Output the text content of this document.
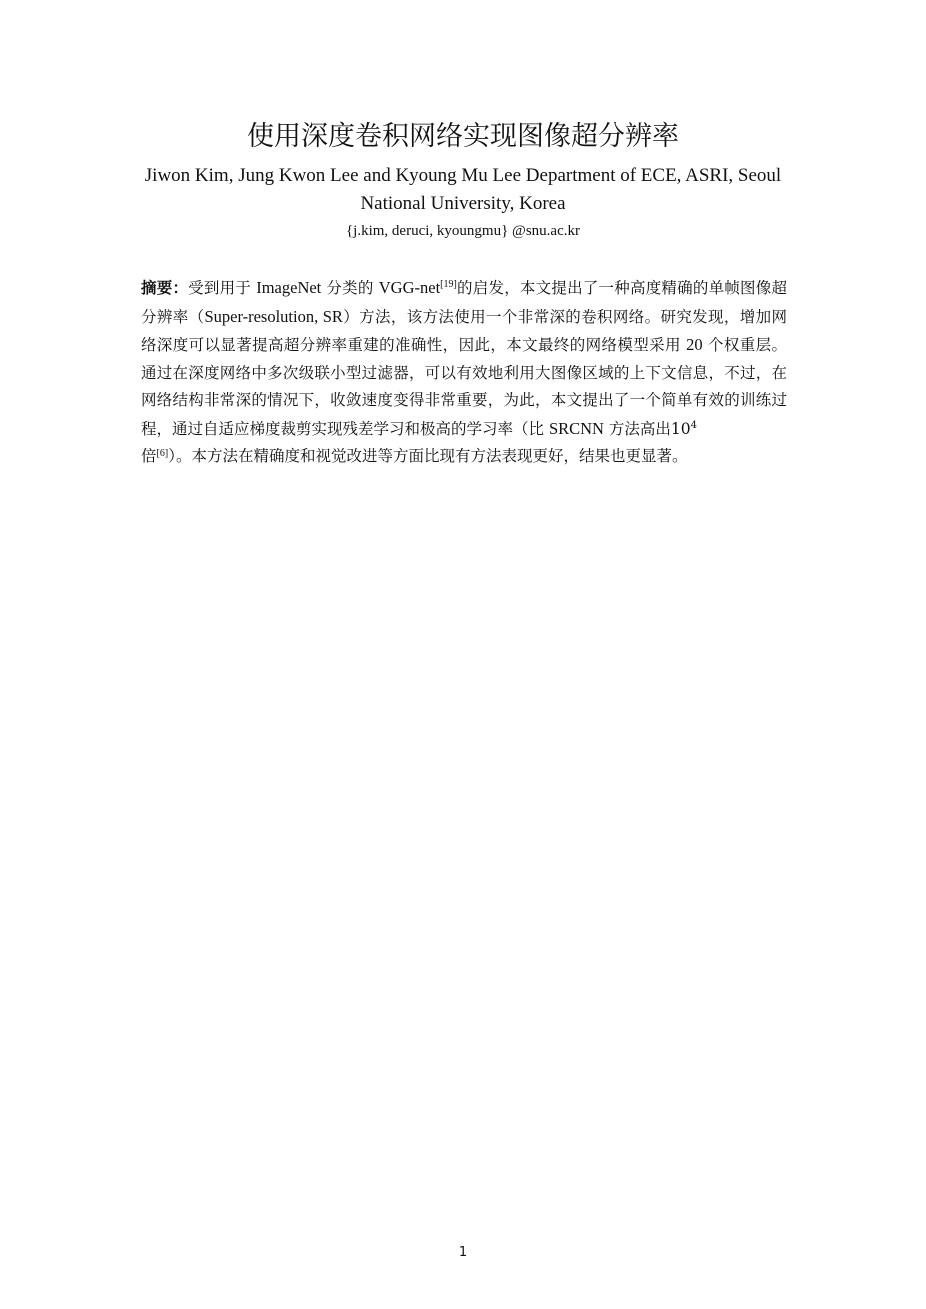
使用深度卷积网络实现图像超分辨率
Jiwon Kim, Jung Kwon Lee and Kyoung Mu Lee Department of ECE, ASRI, Seoul National University, Korea
{j.kim, deruci, kyoungmu} @snu.ac.kr
摘要：受到用于 ImageNet 分类的 VGG-net[19]的启发，本文提出了一种高度精确的单帧图像超分辨率（Super-resolution, SR）方法，该方法使用一个非常深的卷积网络。研究发现，增加网络深度可以显著提高超分辨率重建的准确性，因此，本文最终的网络模型采用 20 个权重层。通过在深度网络中多次级联小型过滤器，可以有效地利用大图像区域的上下文信息，不过，在网络结构非常深的情况下，收敛速度变得非常重要，为此，本文提出了一个简单有效的训练过程，通过自适应梯度裁剪实现残差学习和极高的学习率（比 SRCNN 方法高出$10^4$
倍[6]）。本方法在精确度和视觉改进等方面比现有方法表现更好，结果也更显著。
1
